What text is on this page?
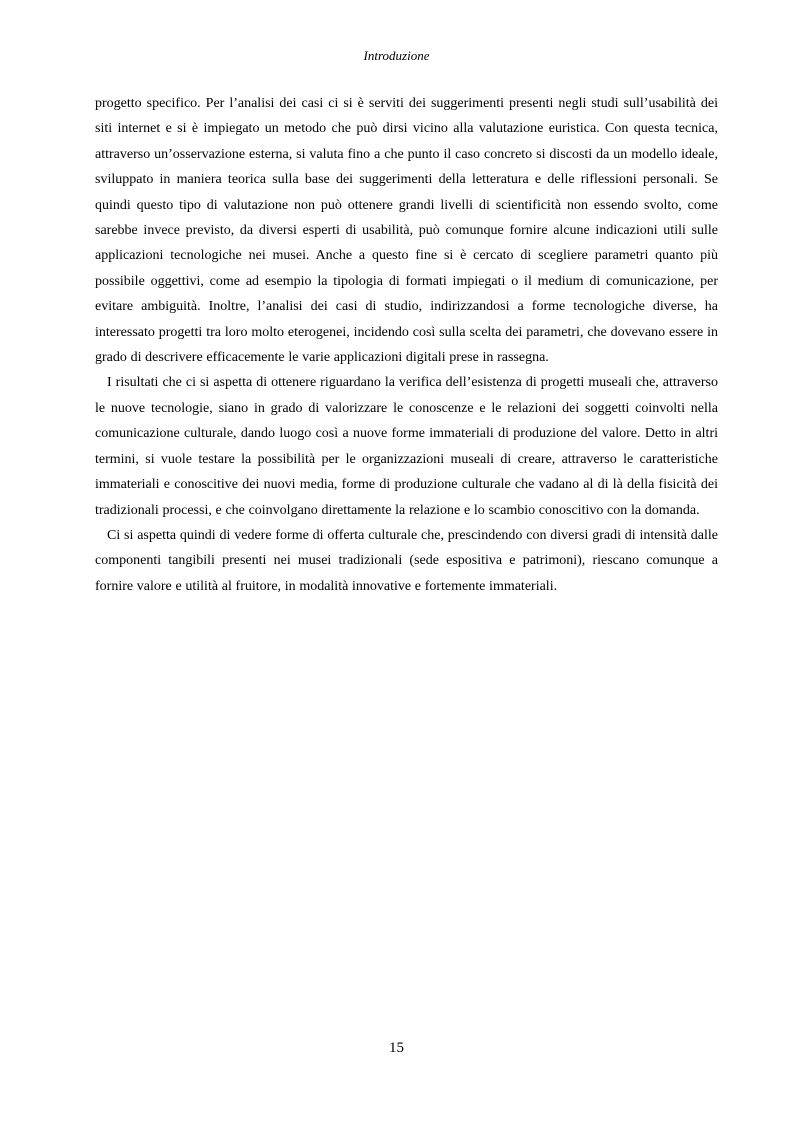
Introduzione

progetto specifico. Per l’analisi dei casi ci si è serviti dei suggerimenti presenti negli studi sull’usabilità dei siti internet e si è impiegato un metodo che può dirsi vicino alla valutazione euristica. Con questa tecnica, attraverso un’osservazione esterna, si valuta fino a che punto il caso concreto si discosti da un modello ideale, sviluppato in maniera teorica sulla base dei suggerimenti della letteratura e delle riflessioni personali. Se quindi questo tipo di valutazione non può ottenere grandi livelli di scientificità non essendo svolto, come sarebbe invece previsto, da diversi esperti di usabilità, può comunque fornire alcune indicazioni utili sulle applicazioni tecnologiche nei musei. Anche a questo fine si è cercato di scegliere parametri quanto più possibile oggettivi, come ad esempio la tipologia di formati impiegati o il medium di comunicazione, per evitare ambiguità. Inoltre, l’analisi dei casi di studio, indirizzandosi a forme tecnologiche diverse, ha interessato progetti tra loro molto eterogenei, incidendo così sulla scelta dei parametri, che dovevano essere in grado di descrivere efficacemente le varie applicazioni digitali prese in rassegna.

I risultati che ci si aspetta di ottenere riguardano la verifica dell’esistenza di progetti museali che, attraverso le nuove tecnologie, siano in grado di valorizzare le conoscenze e le relazioni dei soggetti coinvolti nella comunicazione culturale, dando luogo così a nuove forme immateriali di produzione del valore. Detto in altri termini, si vuole testare la possibilità per le organizzazioni museali di creare, attraverso le caratteristiche immateriali e conoscitive dei nuovi media, forme di produzione culturale che vadano al di là della fisicità dei tradizionali processi, e che coinvolgano direttamente la relazione e lo scambio conoscitivo con la domanda.

Ci si aspetta quindi di vedere forme di offerta culturale che, prescindendo con diversi gradi di intensità dalle componenti tangibili presenti nei musei tradizionali (sede espositiva e patrimoni), riescano comunque a fornire valore e utilità al fruitore, in modalità innovative e fortemente immateriali.

15
